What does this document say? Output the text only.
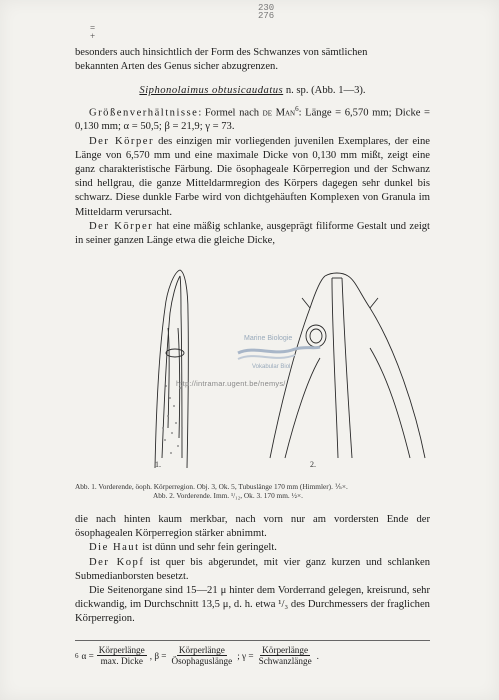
230
276
=
+

besonders auch hinsichtlich der Form des Schwanzes von sämtlichen

bekannten Arten des Genus sicher abzugrenzen.

Siphonolaimus obtusicaudatus n. sp. (Abb. 1—3).

Größenverhältnisse: Formel nach de Man$^6$: Länge = 6,570 mm; Dicke = 0,130 mm; α = 50,5; β = 21,9; γ = 73.

Der Körper des einzigen mir vorliegenden juvenilen Exemplares, der eine Länge von 6,570 mm und eine maximale Dicke von 0,130 mm mißt, zeigt eine ganz charakteristische Färbung. Die ösophageale Körperregion und der Schwanz sind hellgrau, die ganze Mitteldarmregion des Körpers dagegen sehr dunkel bis schwarz. Diese dunkle Farbe wird von dichtgehäuften Komplexen von Granula im Mitteldarm verursacht.

Der Körper hat eine mäßig schlanke, ausgeprägt filiforme Gestalt und zeigt in seiner ganzen Länge etwa die gleiche Dicke,

1.	2.
Marine Biologie
Vokabular Biol
http://intramar.ugent.be/nemys/

Abb. 1. Vorderende, öoph. Körperregion. Obj. 3, Ok. 5, Tubuslänge 170 mm (Himmler). ⅕×.

Abb. 2. Vorderende. Imm. ¹/₁₂, Ok. 3. 170 mm. ½×.

die nach hinten kaum merkbar, nach vorn nur am vordersten Ende der ösophagealen Körperregion stärker abnimmt.

Die Haut ist dünn und sehr fein geringelt.

Der Kopf ist quer bis abgerundet, mit vier ganz kurzen und schlanken Submedianborsten besetzt.

Die Seitenorgane sind 15—21 μ hinter dem Vorderrand gelegen, kreisrund, sehr dickwandig, im Durchschnitt 13,5 μ, d. h. etwa ¹/₃ des Durchmessers der fraglichen Körperregion.

6 $\alpha = \frac{\text{Körperlänge}}{\text{max. Dicke}}$ , $\beta = \frac{\text{Körperlänge}}{\text{Ösophaguslänge}}$ ; $\gamma = \frac{\text{Körperlänge}}{\text{Schwanzlänge}}$ .
